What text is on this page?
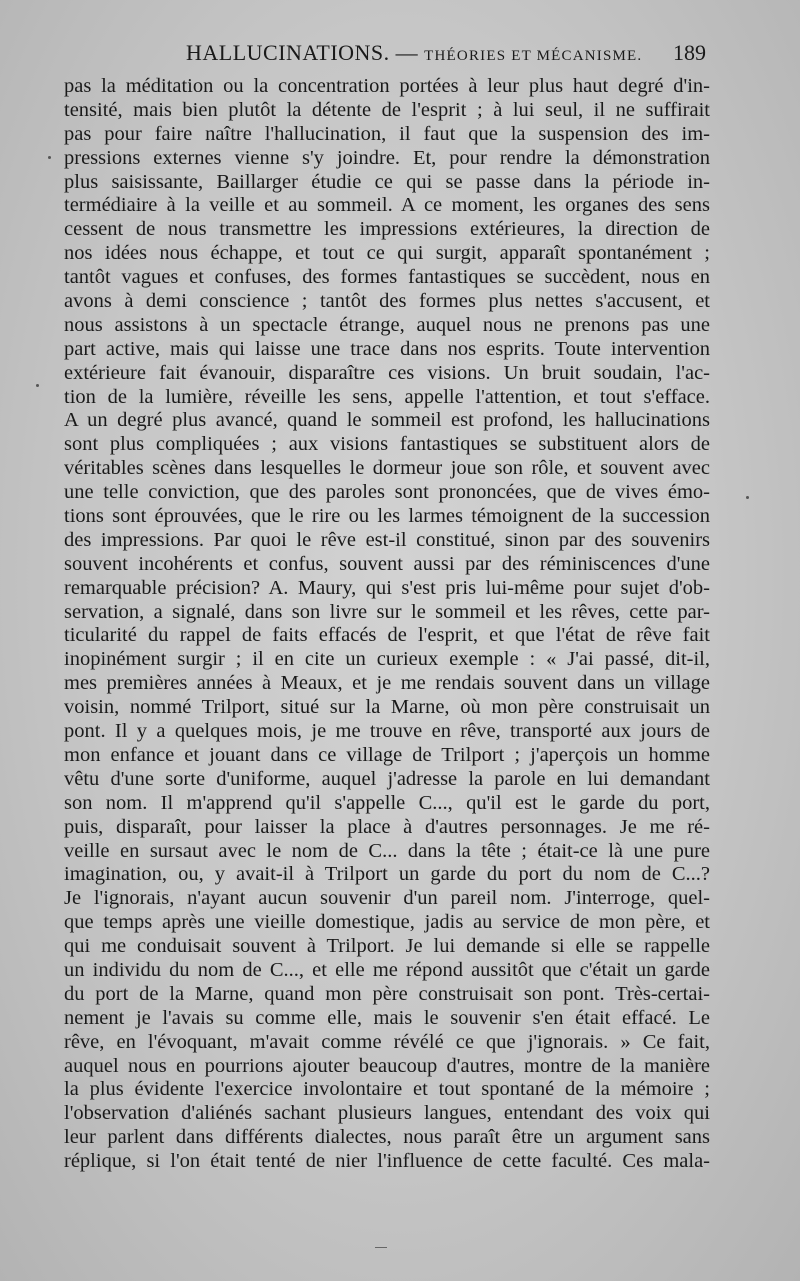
HALLUCINATIONS. — THÉORIES ET MÉCANISME. 189
pas la méditation ou la concentration portées à leur plus haut degré d'in-
tensité, mais bien plutôt la détente de l'esprit ; à lui seul, il ne suffirait
pas pour faire naître l'hallucination, il faut que la suspension des im-
pressions externes vienne s'y joindre. Et, pour rendre la démonstration
plus saisissante, Baillarger étudie ce qui se passe dans la période in-
termédiaire à la veille et au sommeil. A ce moment, les organes des sens
cessent de nous transmettre les impressions extérieures, la direction de
nos idées nous échappe, et tout ce qui surgit, apparaît spontanément ;
tantôt vagues et confuses, des formes fantastiques se succèdent, nous en
avons à demi conscience ; tantôt des formes plus nettes s'accusent, et
nous assistons à un spectacle étrange, auquel nous ne prenons pas une
part active, mais qui laisse une trace dans nos esprits. Toute intervention
extérieure fait évanouir, disparaître ces visions. Un bruit soudain, l'ac-
tion de la lumière, réveille les sens, appelle l'attention, et tout s'efface.
A un degré plus avancé, quand le sommeil est profond, les hallucinations
sont plus compliquées ; aux visions fantastiques se substituent alors de
véritables scènes dans lesquelles le dormeur joue son rôle, et souvent avec
une telle conviction, que des paroles sont prononcées, que de vives émo-
tions sont éprouvées, que le rire ou les larmes témoignent de la succession
des impressions. Par quoi le rêve est-il constitué, sinon par des souvenirs
souvent incohérents et confus, souvent aussi par des réminiscences d'une
remarquable précision? A. Maury, qui s'est pris lui-même pour sujet d'ob-
servation, a signalé, dans son livre sur le sommeil et les rêves, cette par-
ticularité du rappel de faits effacés de l'esprit, et que l'état de rêve fait
inopinément surgir ; il en cite un curieux exemple : « J'ai passé, dit-il,
mes premières années à Meaux, et je me rendais souvent dans un village
voisin, nommé Trilport, situé sur la Marne, où mon père construisait un
pont. Il y a quelques mois, je me trouve en rêve, transporté aux jours de
mon enfance et jouant dans ce village de Trilport ; j'aperçois un homme
vêtu d'une sorte d'uniforme, auquel j'adresse la parole en lui demandant
son nom. Il m'apprend qu'il s'appelle C..., qu'il est le garde du port,
puis, disparaît, pour laisser la place à d'autres personnages. Je me ré-
veille en sursaut avec le nom de C... dans la tête ; était-ce là une pure
imagination, ou, y avait-il à Trilport un garde du port du nom de C...?
Je l'ignorais, n'ayant aucun souvenir d'un pareil nom. J'interroge, quel-
que temps après une vieille domestique, jadis au service de mon père, et
qui me conduisait souvent à Trilport. Je lui demande si elle se rappelle
un individu du nom de C..., et elle me répond aussitôt que c'était un garde
du port de la Marne, quand mon père construisait son pont. Très-certai-
nement je l'avais su comme elle, mais le souvenir s'en était effacé. Le
rêve, en l'évoquant, m'avait comme révélé ce que j'ignorais. » Ce fait,
auquel nous en pourrions ajouter beaucoup d'autres, montre de la manière
la plus évidente l'exercice involontaire et tout spontané de la mémoire ;
l'observation d'aliénés sachant plusieurs langues, entendant des voix qui
leur parlent dans différents dialectes, nous paraît être un argument sans
réplique, si l'on était tenté de nier l'influence de cette faculté. Ces mala-
